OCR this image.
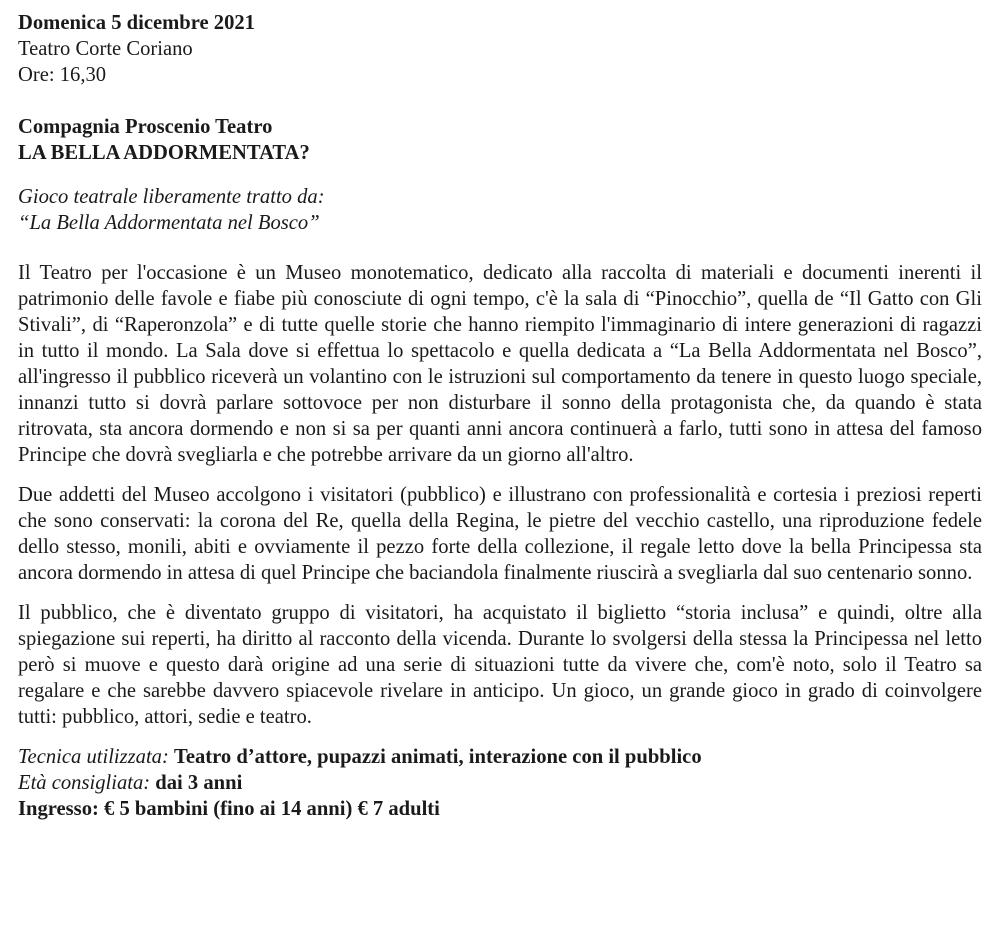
Domenica 5 dicembre 2021
Teatro Corte Coriano
Ore: 16,30
Compagnia Proscenio Teatro
LA BELLA ADDORMENTATA?
Gioco teatrale liberamente tratto da:
“La Bella Addormentata nel Bosco”

Il Teatro per l'occasione è un Museo monotematico, dedicato alla raccolta di materiali e documenti inerenti il patrimonio delle favole e fiabe più conosciute di ogni tempo, c'è la sala di “Pinocchio”, quella de “Il Gatto con Gli Stivali”, di “Raperonzola” e di tutte quelle storie che hanno riempito l'immaginario di intere generazioni di ragazzi in tutto il mondo. La Sala dove si effettua lo spettacolo e quella dedicata a “La Bella Addormentata nel Bosco”, all'ingresso il pubblico riceverà un volantino con le istruzioni sul comportamento da tenere in questo luogo speciale, innanzi tutto si dovrà parlare sottovoce per non disturbare il sonno della protagonista che, da quando è stata ritrovata, sta ancora dormendo e non si sa per quanti anni ancora continuerà a farlo, tutti sono in attesa del famoso Principe che dovrà svegliarla e che potrebbe arrivare da un giorno all'altro.

Due addetti del Museo accolgono i visitatori (pubblico) e illustrano con professionalità e cortesia i preziosi reperti che sono conservati: la corona del Re, quella della Regina, le pietre del vecchio castello, una riproduzione fedele dello stesso, monili, abiti e ovviamente il pezzo forte della collezione, il regale letto dove la bella Principessa sta ancora dormendo in attesa di quel Principe che baciandola finalmente riuscirà a svegliarla dal suo centenario sonno.

Il pubblico, che è diventato gruppo di visitatori, ha acquistato il biglietto “storia inclusa” e quindi, oltre alla spiegazione sui reperti, ha diritto al racconto della vicenda. Durante lo svolgersi della stessa la Principessa nel letto però si muove e questo darà origine ad una serie di situazioni tutte da vivere che, com'è noto, solo il Teatro sa regalare e che sarebbe davvero spiacevole rivelare in anticipo. Un gioco, un grande gioco in grado di coinvolgere tutti: pubblico, attori, sedie e teatro.

Tecnica utilizzata: Teatro d’attore, pupazzi animati, interazione con il pubblico
Età consigliata: dai 3 anni
Ingresso: € 5 bambini (fino ai 14 anni) € 7 adulti
